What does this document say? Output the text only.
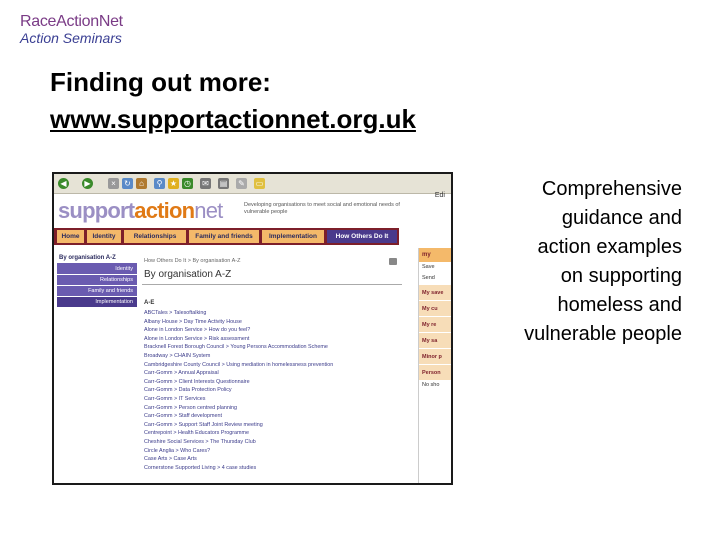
RaceActionNet
Action Seminars
Finding out more:
www.supportactionnet.org.uk
Comprehensive
guidance and
action examples
on supporting
homeless and
vulnerable people
◀	▶	×	↻	⌂	⚲ ★ ◷ ✉ ▤ ✎ ▭
Edi
supportactionnet	Developing organisations to meet social and emotional needs of vulnerable people
Home	Identity	Relationships	Family and friends	Implementation	How Others Do It
By organisation A-Z
Identity
Relationships
Family and friends
Implementation
How Others Do It > By organisation A-Z
By organisation A-Z
A-E
ABCTales > Talesoftalking
Albany House > Day Time Activity House
Alone in London Service > How do you feel?
Alone in London Service > Risk assessment
Bracknell Forest Borough Council > Young Persons Accommodation Scheme
Broadway > CHAIN System
Cambridgeshire County Council > Using mediation in homelessness prevention
Carr-Gomm > Annual Appraisal
Carr-Gomm > Client Interests Questionnaire
Carr-Gomm > Data Protection Policy
Carr-Gomm > IT Services
Carr-Gomm > Person centred planning
Carr-Gomm > Staff development
Carr-Gomm > Support Staff Joint Review meeting
Centrepoint > Health Educators Programme
Cheshire Social Services > The Thursday Club
Circle Anglia > Who Cares?
Case Arts > Case Arts
Cornerstone Supported Living > 4 case studies
my
Save
Send
My save
My cu
My re
My sa
Minor p
Person
No sho
